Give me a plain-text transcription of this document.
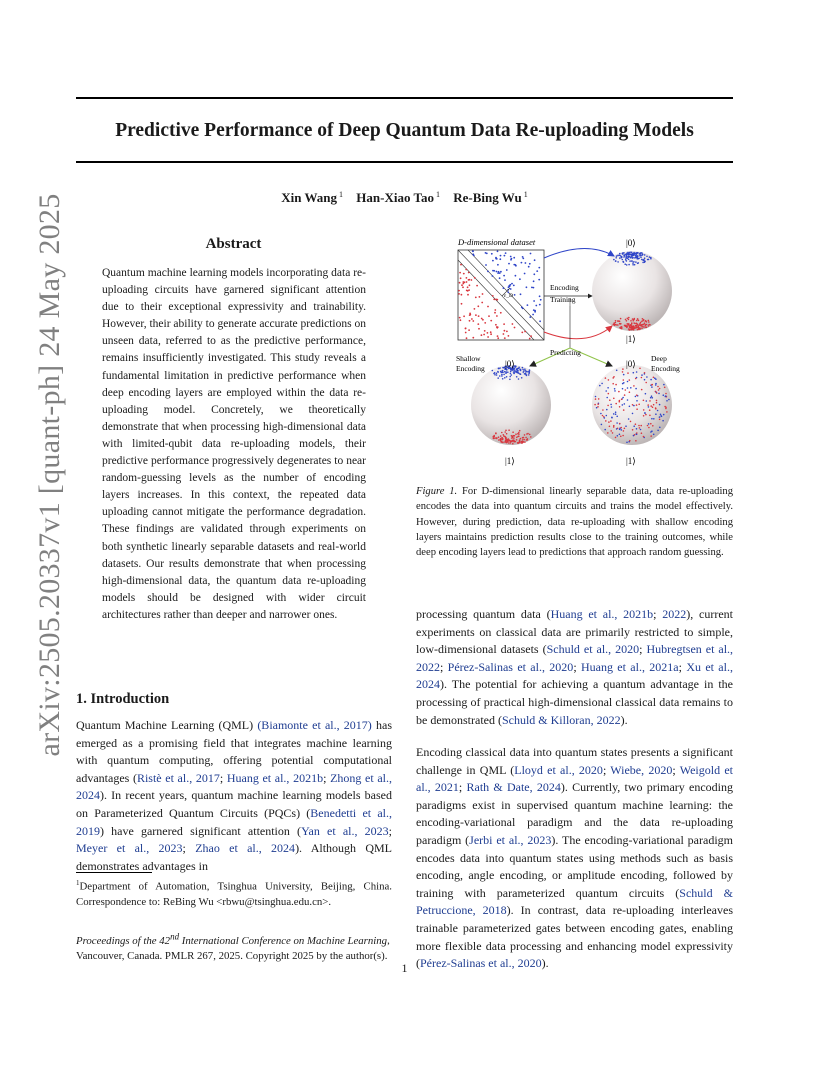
arXiv:2505.20337v1 [quant-ph] 24 May 2025
Predictive Performance of Deep Quantum Data Re-uploading Models
Xin Wang $^1$ Han-Xiao Tao $^1$ Re-Bing Wu $^1$
Abstract
Quantum machine learning models incorporating data re-uploading circuits have garnered significant attention due to their exceptional expressivity and trainability. However, their ability to generate accurate predictions on unseen data, referred to as the predictive performance, remains insufficiently investigated. This study reveals a fundamental limitation in predictive performance when deep encoding layers are employed within the data re-uploading model. Concretely, we theoretically demonstrate that when processing high-dimensional data with limited-qubit data re-uploading models, their predictive performance progressively degenerates to near random-guessing levels as the number of encoding layers increases. In this context, the repeated data uploading cannot mitigate the performance degradation. These findings are validated through experiments on both synthetic linearly separable datasets and real-world datasets. Our results demonstrate that when processing high-dimensional data, the quantum data re-uploading models should be designed with wider circuit architectures rather than deeper and narrower ones.
1. Introduction
Quantum Machine Learning (QML) (Biamonte et al., 2017) has emerged as a promising field that integrates machine learning with quantum computing, offering potential computational advantages (Ristè et al., 2017; Huang et al., 2021b; Zhong et al., 2024). In recent years, quantum machine learning models based on Parameterized Quantum Circuits (PQCs) (Benedetti et al., 2019) have garnered significant attention (Yan et al., 2023; Meyer et al., 2023; Zhao et al., 2024). Although QML demonstrates advantages in
$^1$Department of Automation, Tsinghua University, Beijing, China. Correspondence to: ReBing Wu <rbwu@tsinghua.edu.cn>.
Proceedings of the 42nd International Conference on Machine Learning, Vancouver, Canada. PMLR 267, 2025. Copyright 2025 by the author(s).
D-dimensional dataset
ε_D
|0⟩
|1⟩
|0⟩
|1⟩
|0⟩
|1⟩
Encoding
Training
Predicting
Shallow
Encoding
Deep
Encoding
Figure 1. For D-dimensional linearly separable data, data re-uploading encodes the data into quantum circuits and trains the model effectively. However, during prediction, data re-uploading with shallow encoding layers maintains prediction results close to the training outcomes, while deep encoding layers lead to predictions that approach random guessing.
processing quantum data (Huang et al., 2021b; 2022), current experiments on classical data are primarily restricted to simple, low-dimensional datasets (Schuld et al., 2020; Hubregtsen et al., 2022; Pérez-Salinas et al., 2020; Huang et al., 2021a; Xu et al., 2024). The potential for achieving a quantum advantage in the processing of practical high-dimensional classical data remains to be demonstrated (Schuld & Killoran, 2022).
Encoding classical data into quantum states presents a significant challenge in QML (Lloyd et al., 2020; Wiebe, 2020; Weigold et al., 2021; Rath & Date, 2024). Currently, two primary encoding paradigms exist in supervised quantum machine learning: the encoding-variational paradigm and the data re-uploading paradigm (Jerbi et al., 2023). The encoding-variational paradigm encodes data into quantum states using methods such as basis encoding, angle encoding, or amplitude encoding, followed by training with parameterized quantum circuits (Schuld & Petruccione, 2018). In contrast, data re-uploading interleaves trainable parameterized gates between encoding gates, enabling more flexible data processing and enhancing model expressivity (Pérez-Salinas et al., 2020).
1
